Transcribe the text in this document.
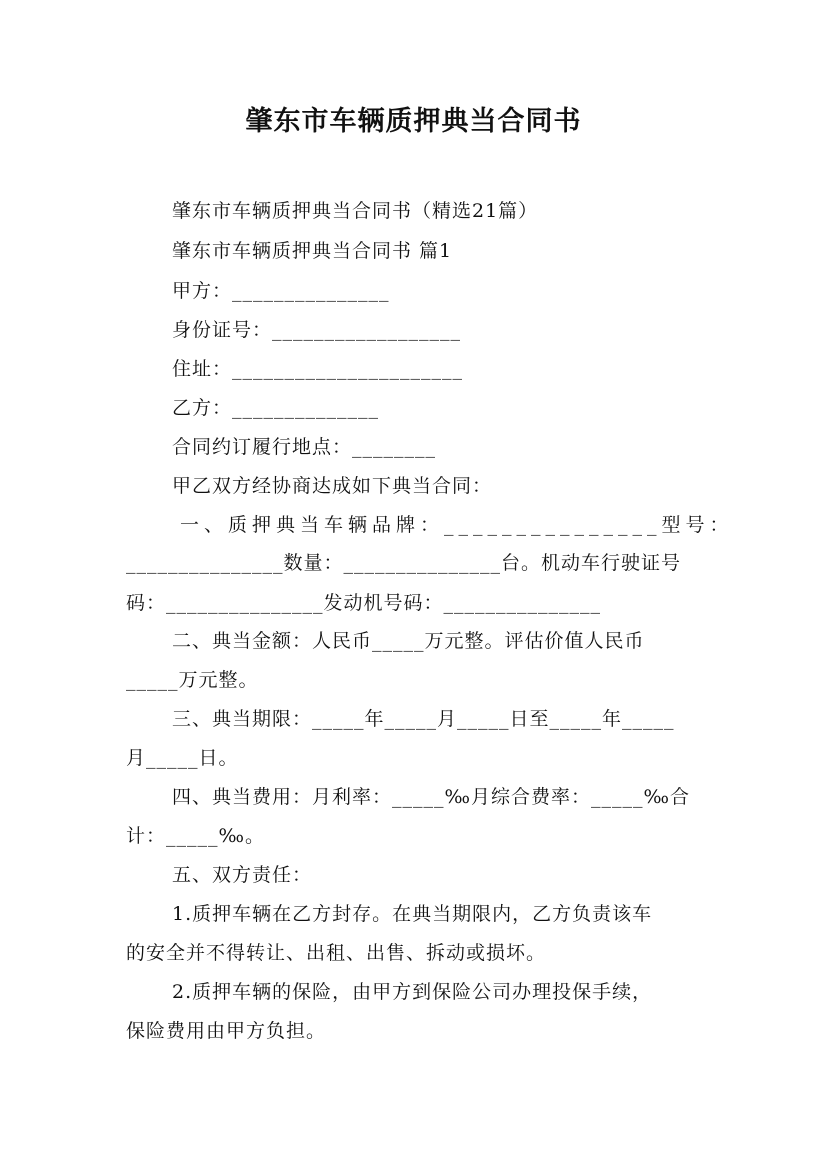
肇东市车辆质押典当合同书
肇东市车辆质押典当合同书（精选21篇）
肇东市车辆质押典当合同书 篇1
甲方：_______________
身份证号：__________________
住址：______________________
乙方：______________
合同约订履行地点：________
甲乙双方经协商达成如下典当合同：
一、质押典当车辆品牌：_______________型号：
_______________数量：_______________台。机动车行驶证号
码：_______________发动机号码：_______________
二、典当金额：人民币_____万元整。评估价值人民币
_____万元整。
三、典当期限：_____年_____月_____日至_____年_____
月_____日。
四、典当费用：月利率：_____‰月综合费率：_____‰合
计：_____‰。
五、双方责任：
1.质押车辆在乙方封存。在典当期限内，乙方负责该车
的安全并不得转让、出租、出售、拆动或损坏。
2.质押车辆的保险，由甲方到保险公司办理投保手续，
保险费用由甲方负担。
